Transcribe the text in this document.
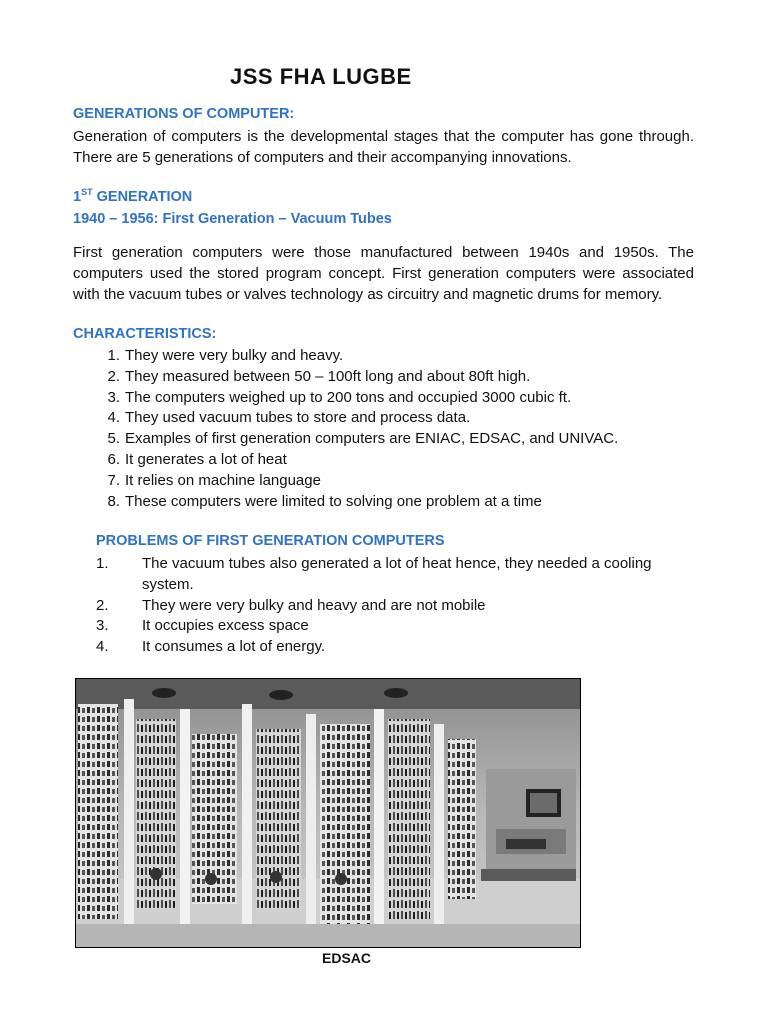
JSS FHA LUGBE
GENERATIONS OF COMPUTER:
Generation of computers is the developmental stages that the computer has gone through. There are 5 generations of computers and their accompanying innovations.
1ST GENERATION
1940 – 1956: First Generation – Vacuum Tubes
First generation computers were those manufactured between 1940s and 1950s. The computers used the stored program concept. First generation computers were associated with the vacuum tubes or valves technology as circuitry and magnetic drums for memory.
CHARACTERISTICS:
1. They were very bulky and heavy.
2. They measured between 50 – 100ft long and about 80ft high.
3. The computers weighed up to 200 tons and occupied 3000 cubic ft.
4. They used vacuum tubes to store and process data.
5. Examples of first generation computers are ENIAC, EDSAC, and UNIVAC.
6. It generates a lot of heat
7. It relies on machine language
8. These computers were limited to solving one problem at a time
PROBLEMS OF FIRST GENERATION COMPUTERS
1. The vacuum tubes also generated a lot of heat hence, they needed a cooling system.
2. They were very bulky and heavy and are not mobile
3. It occupies excess space
4. It consumes a lot of energy.
EDSAC
